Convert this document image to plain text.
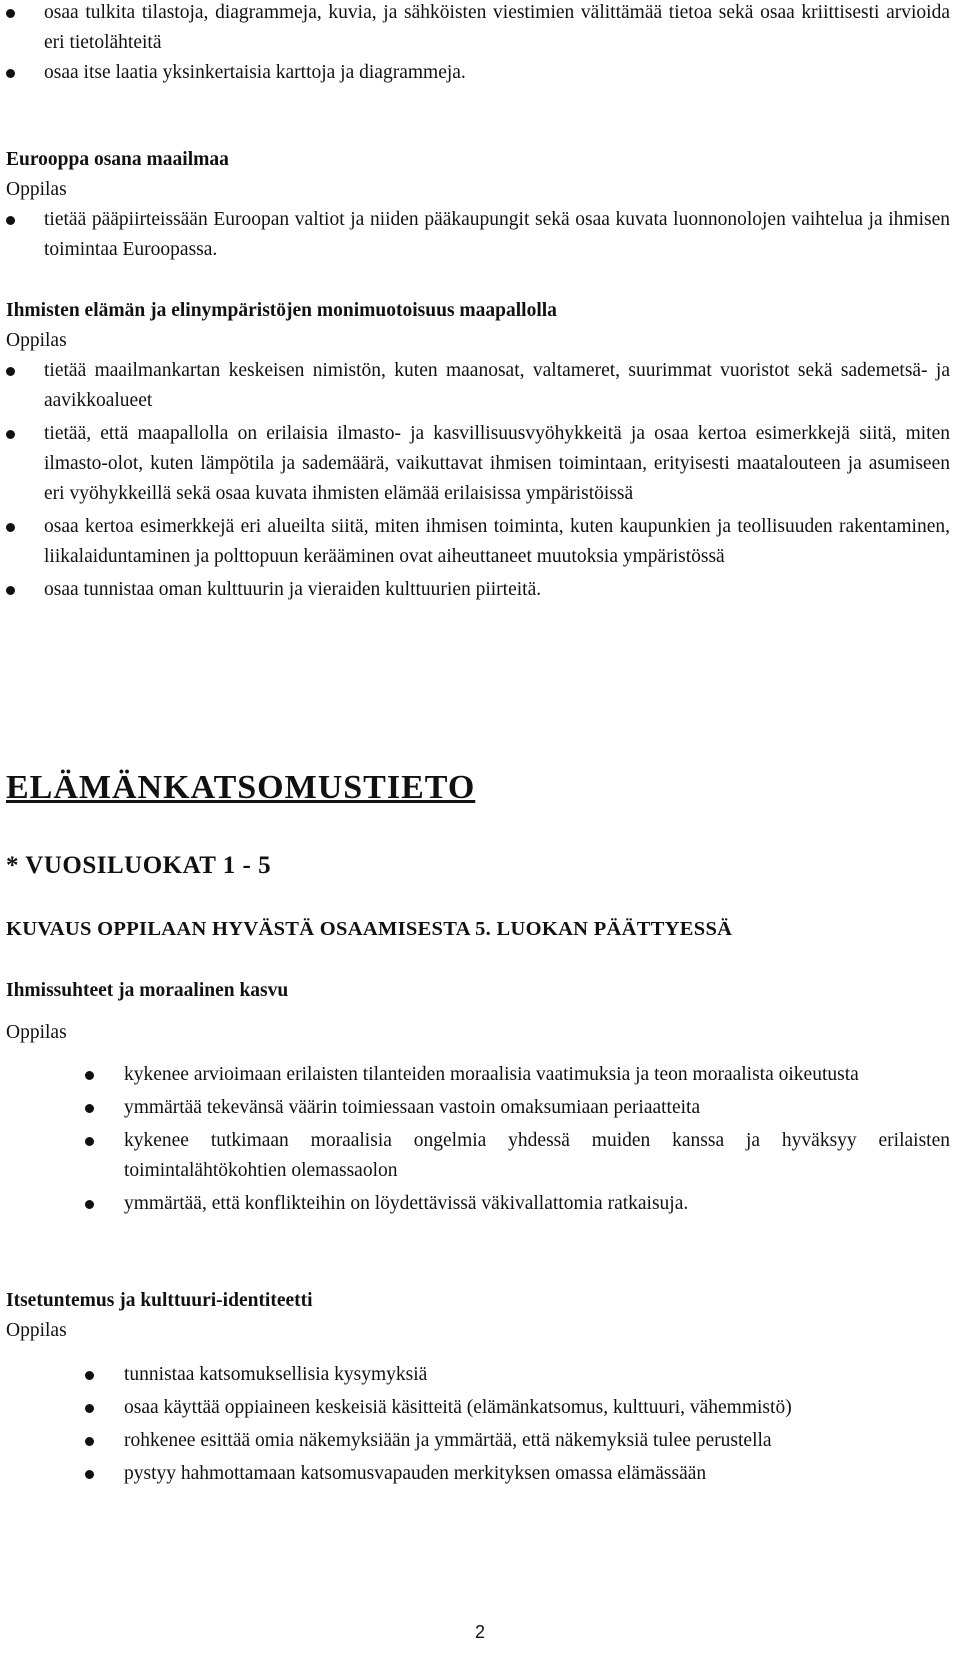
osaa tulkita tilastoja, diagrammeja, kuvia, ja sähköisten viestimien välittämää tietoa sekä osaa kriittisesti arvioida eri tietolähteitä
osaa itse laatia yksinkertaisia karttoja ja diagrammeja.
Eurooppa osana maailmaa

Oppilas

tietää pääpiirteissään Euroopan valtiot ja niiden pääkaupungit sekä osaa kuvata luonnonolojen vaihtelua ja ihmisen toimintaa Euroopassa.
Ihmisten elämän ja elinympäristöjen monimuotoisuus maapallolla

Oppilas

tietää maailmankartan keskeisen nimistön, kuten maanosat, valtameret, suurimmat vuoristot sekä sademetsä- ja aavikkoalueet
tietää, että maapallolla on erilaisia ilmasto- ja kasvillisuusvyöhykkeitä ja osaa kertoa esimerkkejä siitä, miten ilmasto-olot, kuten lämpötila ja sademäärä, vaikuttavat ihmisen toimintaan, erityisesti maatalouteen ja asumiseen eri vyöhykkeillä sekä osaa kuvata ihmisten elämää erilaisissa ympäristöissä
osaa kertoa esimerkkejä eri alueilta siitä, miten ihmisen toiminta, kuten kaupunkien ja teollisuuden rakentaminen, liikalaiduntaminen ja polttopuun kerääminen ovat aiheuttaneet muutoksia ympäristössä
osaa tunnistaa oman kulttuurin ja vieraiden kulttuurien piirteitä.
ELÄMÄNKATSOMUSTIETO
* VUOSILUOKAT 1 - 5
KUVAUS OPPILAAN HYVÄSTÄ OSAAMISESTA 5. LUOKAN PÄÄTTYESSÄ
Ihmissuhteet ja moraalinen kasvu

Oppilas

kykenee arvioimaan erilaisten tilanteiden moraalisia vaatimuksia ja teon moraalista oikeutusta
ymmärtää tekevänsä väärin toimiessaan vastoin omaksumiaan periaatteita
kykenee tutkimaan moraalisia ongelmia yhdessä muiden kanssa ja hyväksyy erilaisten toimintalähtökohtien olemassaolon
ymmärtää, että konflikteihin on löydettävissä väkivallattomia ratkaisuja.
Itsetuntemus ja kulttuuri-identiteetti

Oppilas

tunnistaa katsomuksellisia kysymyksiä
osaa käyttää oppiaineen keskeisiä käsitteitä (elämänkatsomus, kulttuuri, vähemmistö)
rohkenee esittää omia näkemyksiään ja ymmärtää, että näkemyksiä tulee perustella
pystyy hahmottamaan katsomusvapauden merkityksen omassa elämässään
2
